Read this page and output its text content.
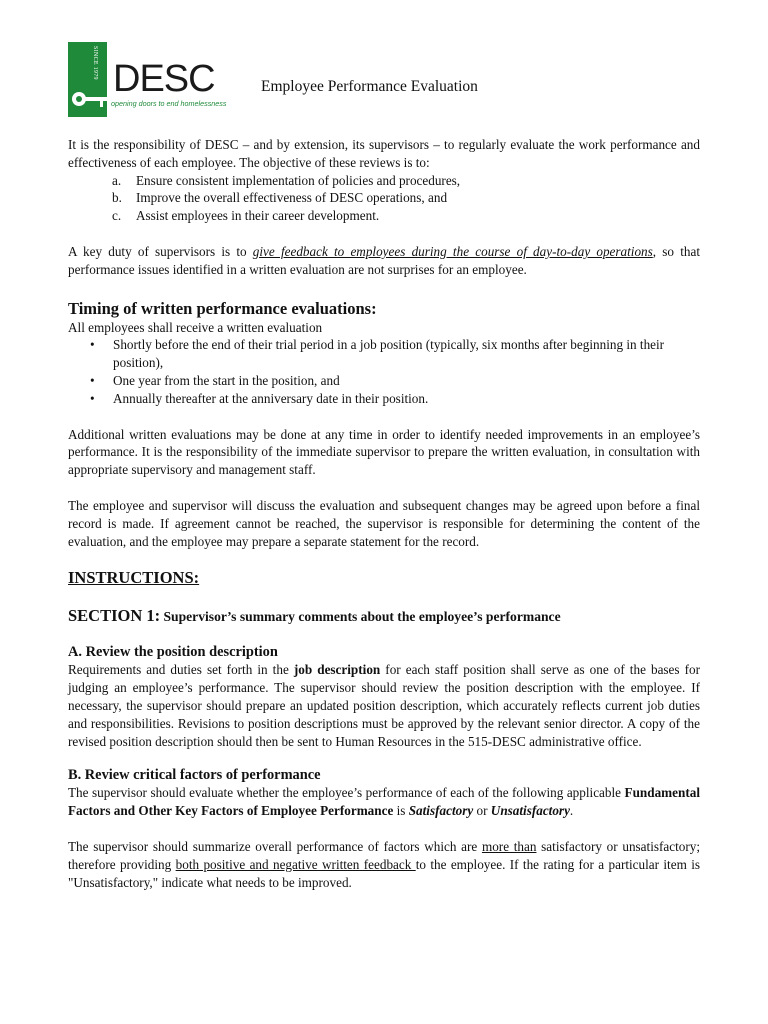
SINCE 1979 DESC
opening doors to end homelessness
Employee Performance Evaluation

It is the responsibility of DESC – and by extension, its supervisors – to regularly evaluate the work performance and effectiveness of each employee. The objective of these reviews is to:

a. Ensure consistent implementation of policies and procedures,
b. Improve the overall effectiveness of DESC operations, and
c. Assist employees in their career development.

A key duty of supervisors is to give feedback to employees during the course of day-to-day operations, so that performance issues identified in a written evaluation are not surprises for an employee.

Timing of written performance evaluations:

All employees shall receive a written evaluation

• Shortly before the end of their trial period in a job position (typically, six months after beginning in their position),
• One year from the start in the position, and
• Annually thereafter at the anniversary date in their position.

Additional written evaluations may be done at any time in order to identify needed improvements in an employee’s performance. It is the responsibility of the immediate supervisor to prepare the written evaluation, in consultation with appropriate supervisory and management staff.

The employee and supervisor will discuss the evaluation and subsequent changes may be agreed upon before a final record is made. If agreement cannot be reached, the supervisor is responsible for determining the content of the evaluation, and the employee may prepare a separate statement for the record.

INSTRUCTIONS:
SECTION 1: Supervisor’s summary comments about the employee’s performance
A. Review the position description

Requirements and duties set forth in the job description for each staff position shall serve as one of the bases for judging an employee’s performance. The supervisor should review the position description with the employee. If necessary, the supervisor should prepare an updated position description, which accurately reflects current job duties and responsibilities. Revisions to position descriptions must be approved by the relevant senior director. A copy of the revised position description should then be sent to Human Resources in the 515-DESC administrative office.

B. Review critical factors of performance

The supervisor should evaluate whether the employee’s performance of each of the following applicable Fundamental Factors and Other Key Factors of Employee Performance is Satisfactory or Unsatisfactory.

The supervisor should summarize overall performance of factors which are more than satisfactory or unsatisfactory; therefore providing both positive and negative written feedback to the employee. If the rating for a particular item is "Unsatisfactory," indicate what needs to be improved.
